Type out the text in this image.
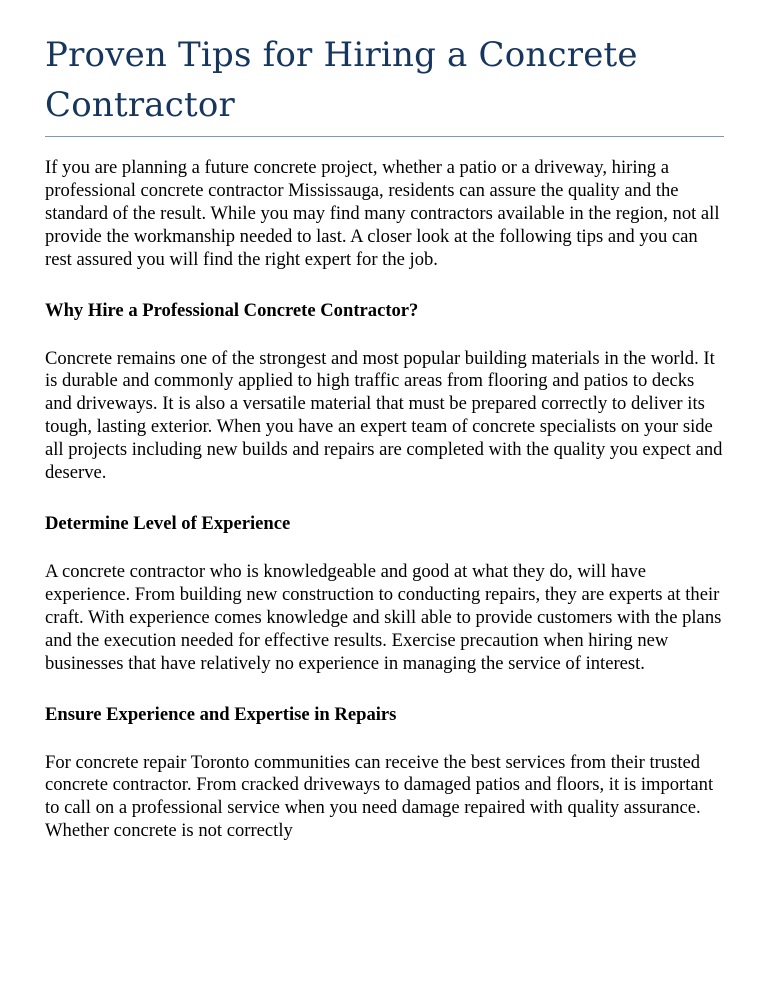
Proven Tips for Hiring a Concrete Contractor

If you are planning a future concrete project, whether a patio or a driveway, hiring a professional concrete contractor Mississauga, residents can assure the quality and the standard of the result. While you may find many contractors available in the region, not all provide the workmanship needed to last. A closer look at the following tips and you can rest assured you will find the right expert for the job.

Why Hire a Professional Concrete Contractor?

Concrete remains one of the strongest and most popular building materials in the world. It is durable and commonly applied to high traffic areas from flooring and patios to decks and driveways. It is also a versatile material that must be prepared correctly to deliver its tough, lasting exterior. When you have an expert team of concrete specialists on your side all projects including new builds and repairs are completed with the quality you expect and deserve.

Determine Level of Experience

A concrete contractor who is knowledgeable and good at what they do, will have experience. From building new construction to conducting repairs, they are experts at their craft. With experience comes knowledge and skill able to provide customers with the plans and the execution needed for effective results. Exercise precaution when hiring new businesses that have relatively no experience in managing the service of interest.

Ensure Experience and Expertise in Repairs

For concrete repair Toronto communities can receive the best services from their trusted concrete contractor. From cracked driveways to damaged patios and floors, it is important to call on a professional service when you need damage repaired with quality assurance. Whether concrete is not correctly
